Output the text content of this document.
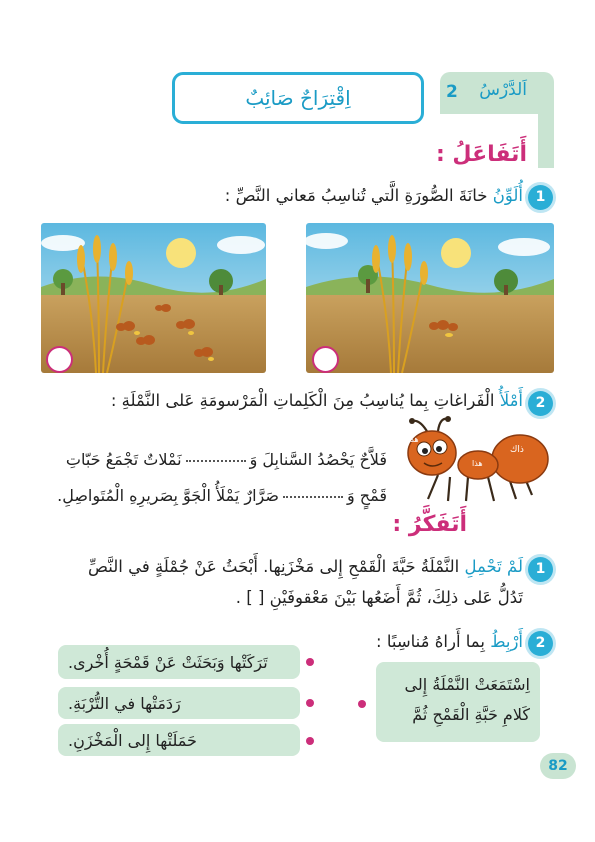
اَلدَّرْسُ
2
اِقْتِرَاحٌ صَائِبٌ
أَتَفَاعَلُ :
1
أُلَوِّنُ خانَةَ الصُّورَةِ الَّتي تُناسِبُ مَعاني النَّصِّ :
2
أَمْلَأُ الْفَراغاتِ بِما يُناسِبُ مِنَ الْكَلِماتِ الْمَرْسومَةِ عَلى النَّمْلَةِ :
هذه
هذا
ذاك
فَلاَّحٌ يَحْصُدُ السَّنابِلَ وَنَمْلاتٌ تَجْمَعُ حَبّاتِ
قَمْحٍ وَصَرَّارٌ يَمْلَأُ الْجَوَّ بِصَريرِهِ الْمُتَواصِلِ.
أَتَفَكَّرُ :
1
لَمْ تَحْمِلِ النَّمْلَةُ حَبَّةَ الْقَمْحِ إِلى مَخْزَنِها. أَبْحَثُ عَنْ جُمْلَةٍ في النَّصِّ
تَدُلُّ عَلى ذلِكَ، ثُمَّ أَضَعُها بَيْنَ مَعْقوفَيْنِ [ ] .
2
أَرْبِطُ بِما أَراهُ مُناسِبًا :
اِسْتَمَعَتْ النَّمْلَةُ إِلى
كَلامِ حَبَّةِ الْقَمْحِ ثُمَّ
تَرَكَتْها وَبَحَثَتْ عَنْ قَمْحَةٍ أُخْرى.
رَدَمَتْها في التُّرْبَةِ.
حَمَلَتْها إِلى الْمَخْزَنِ.
82
